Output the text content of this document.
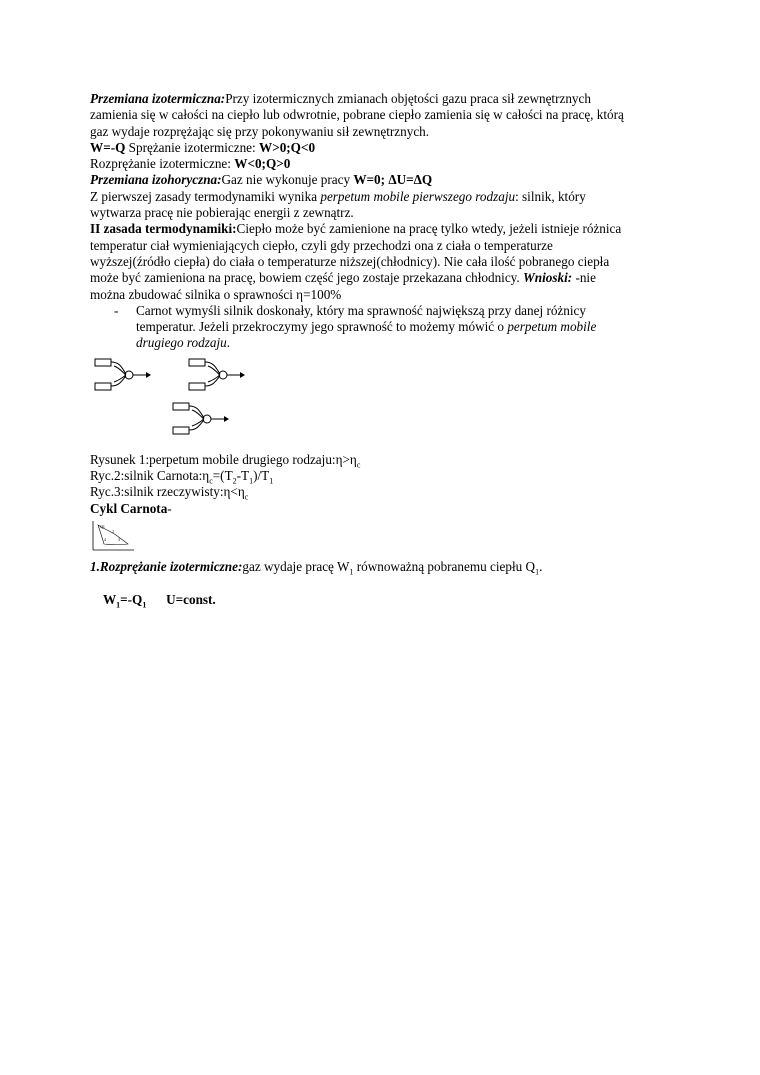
Przemiana izotermiczna:Przy izotermicznych zmianach objętości gazu praca sił zewnętrznych
zamienia się w całości na ciepło lub odwrotnie, pobrane ciepło zamienia się w całości na pracę, którą
gaz wydaje rozprężając się przy pokonywaniu sił zewnętrznych.
W=-Q Sprężanie izotermiczne: W>0;Q<0
Rozprężanie izotermiczne: W<0;Q>0
Przemiana izohoryczna:Gaz nie wykonuje pracy W=0; ΔU=ΔQ
Z pierwszej zasady termodynamiki wynika perpetum mobile pierwszego rodzaju: silnik, który
wytwarza pracę nie pobierając energii z zewnątrz.
II zasada termodynamiki:Ciepło może być zamienione na pracę tylko wtedy, jeżeli istnieje różnica
temperatur ciał wymieniających ciepło, czyli gdy przechodzi ona z ciała o temperaturze
wyższej(źródło ciepła) do ciała o temperaturze niższej(chłodnicy). Nie cała ilość pobranego ciepła
może być zamieniona na pracę, bowiem część jego zostaje przekazana chłodnicy. Wnioski: -nie
można zbudować silnika o sprawności η=100%
-	Carnot wymyśli silnik doskonały, który ma sprawność największą przy danej różnicy
temperatur. Jeżeli przekroczymy jego sprawność to możemy mówić o perpetum mobile
drugiego rodzaju.
Rysunek 1:perpetum mobile drugiego $rodzaju:\eta>\eta_c$
Ryc.2:silnik $Carnota:\eta_c=(T_2-T_1)/T_1$
Ryc.3:silnik $rzeczywisty:\eta<\eta_c$
Cykl Carnota-
Q1
2
3
4
1.Rozprężanie izotermiczne:gaz wydaje pracę $W_1$ równoważną pobranemu ciepłu $Q_1$.

$W_1=-Q_1$      U=const.
